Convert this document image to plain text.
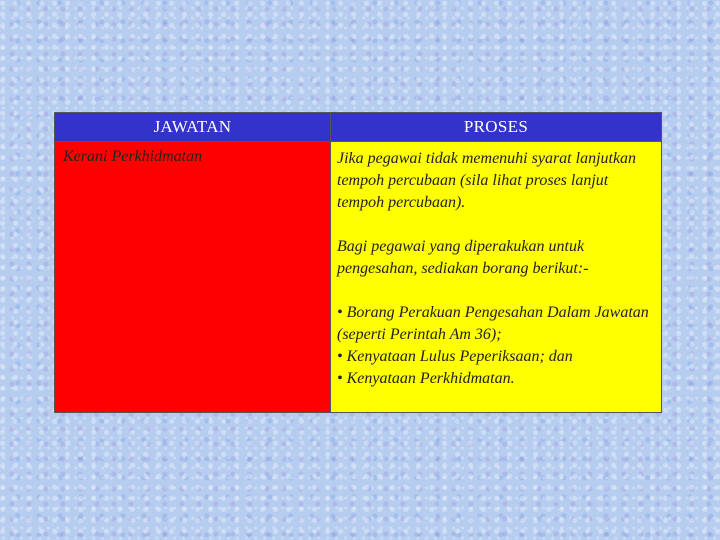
JAWATAN	PROSES

Kerani Perkhidmatan	Jika pegawai tidak memenuhi syarat lanjutkan tempoh percubaan (sila lihat proses lanjut tempoh percubaan).

Bagi pegawai yang diperakukan untuk pengesahan, sediakan borang berikut:-

• Borang Perakuan Pengesahan Dalam Jawatan (seperti Perintah Am 36);
• Kenyataan Lulus Peperiksaan; dan
• Kenyataan Perkhidmatan.
